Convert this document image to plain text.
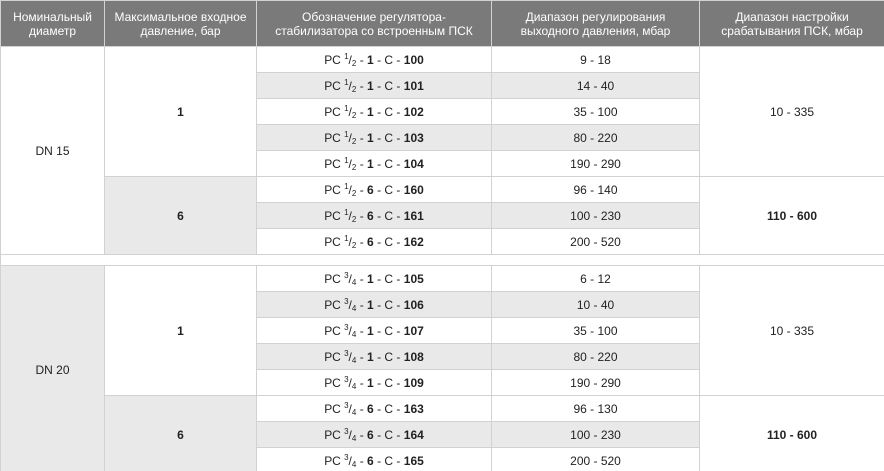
Номинальный диаметр	Максимальное входное давление, бар	Обозначение регулятора-стабилизатора со встроенным ПСК	Диапазон регулирования выходного давления, мбар	Диапазон настройки срабатывания ПСК, мбар
DN 15	1	РС $^1/_2 - 1$ - С - 100	9 - 18	10 - 335
		РС $^1/_2 - 1$ - С - 101	14 - 40	
		РС $^1/_2 - 1$ - С - 102	35 - 100	
		РС $^1/_2 - 1$ - С - 103	80 - 220	
		РС $^1/_2 - 1$ - С - 104	190 - 290	
	6	РС $^1/_2 - 6$ - С - 160	96 - 140	110 - 600
		РС $^1/_2 - 6$ - С - 161	100 - 230	
		РС $^1/_2 - 6$ - С - 162	200 - 520	

DN 20	1	РС $^3/_4 - 1$ - С - 105	6 - 12	10 - 335
		РС $^3/_4 - 1$ - С - 106	10 - 40	
		РС $^3/_4 - 1$ - С - 107	35 - 100	
		РС $^3/_4 - 1$ - С - 108	80 - 220	
		РС $^3/_4 - 1$ - С - 109	190 - 290	
	6	РС $^3/_4 - 6$ - С - 163	96 - 130	110 - 600
		РС $^3/_4 - 6$ - С - 164	100 - 230	
		РС $^3/_4 - 6$ - С - 165	200 - 520	
